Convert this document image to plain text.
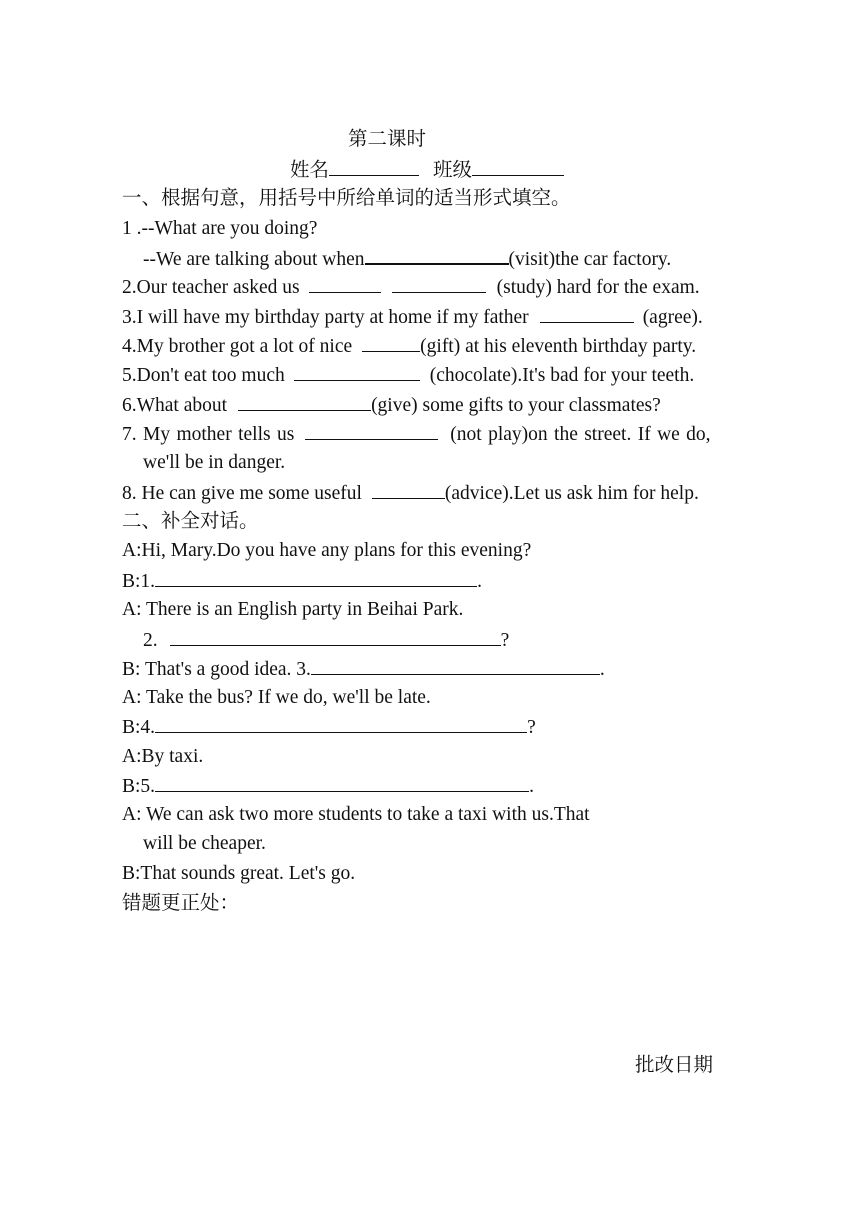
第二课时
姓名	班级
一、根据句意，用括号中所给单词的适当形式填空。
1 .--What are you doing?
--We are talking about when	(visit)the car factory.
2.Our teacher asked us	(study) hard for the exam.
3.I will have my birthday party at home if my father	(agree).
4.My brother got a lot of nice	(gift) at his eleventh birthday party.
5.Don't eat too much	(chocolate).It's bad for your teeth.
6.What about	(give) some gifts to your classmates?
7. My mother tells us	(not play)on the street. If we do,
we'll be in danger.
8. He can give me some useful	(advice).Let us ask him for help.
二、补全对话。
A:Hi, Mary.Do you have any plans for this evening?
B:1.	.
A: There is an English party in Beihai Park.
2.	?
B: That's a good idea. 3.	.
A: Take the bus? If we do, we'll be late.
B:4.	?
A:By taxi.
B:5.	.
A: We can ask two more students to take a taxi with us.That
will be cheaper.
B:That sounds great. Let's go.
错题更正处：
批改日期
